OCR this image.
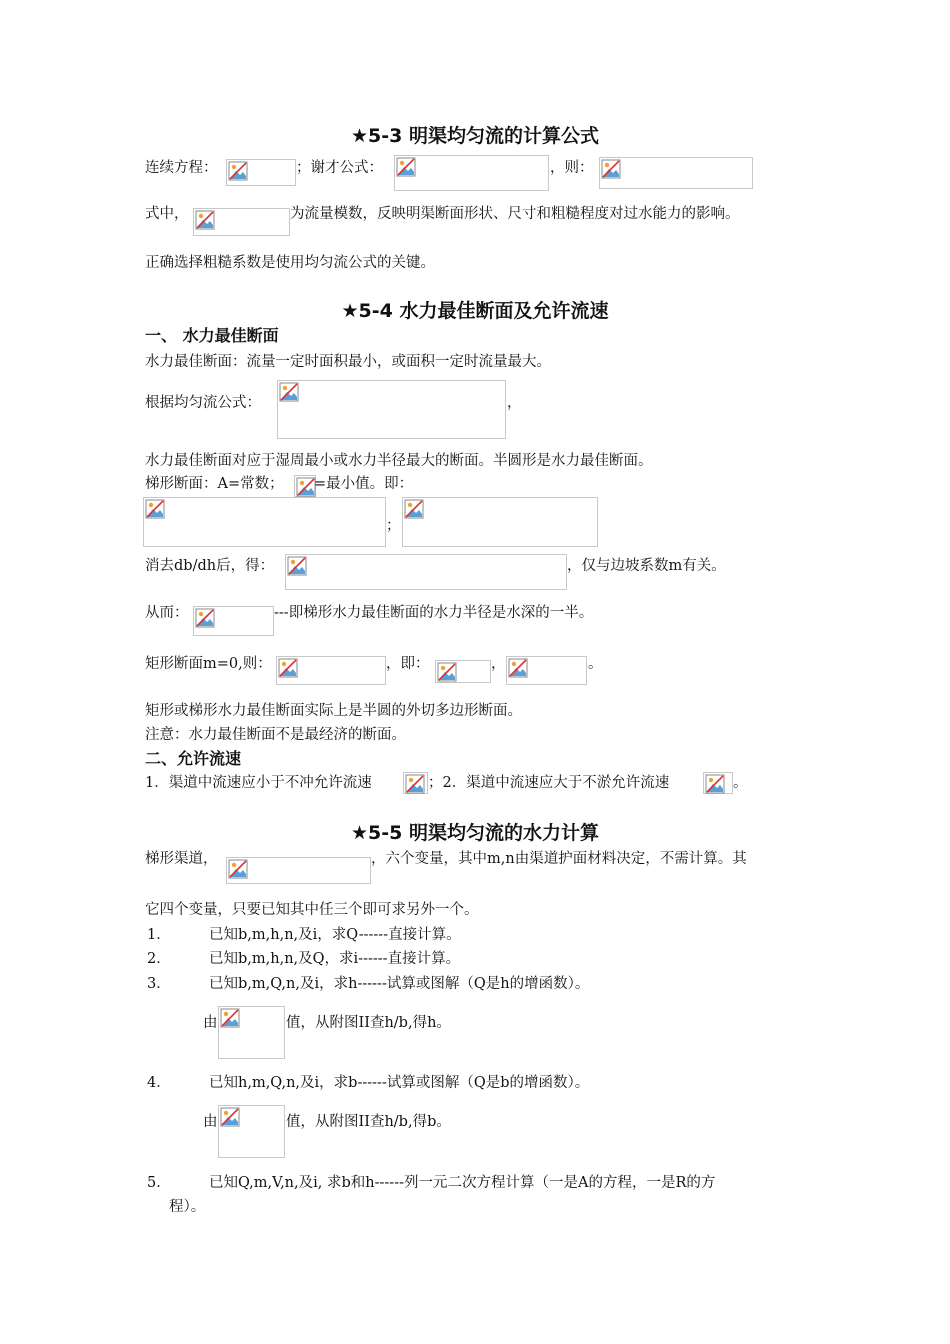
★5-3 明渠均匀流的计算公式
连续方程：	；谢才公式：	，则：
式中，	为流量模数，反映明渠断面形状、尺寸和粗糙程度对过水能力的影响。
正确选择粗糙系数是使用均匀流公式的关键。
★5-4 水力最佳断面及允许流速
一、 水力最佳断面
水力最佳断面：流量一定时面积最小，或面积一定时流量最大。
根据均匀流公式：	，
水力最佳断面对应于湿周最小或水力半径最大的断面。半圆形是水力最佳断面。
梯形断面：A=常数； =最小值。即：
；
消去db/dh后，得：	，仅与边坡系数m有关。
从而：	---即梯形水力最佳断面的水力半径是水深的一半。
矩形断面m=0,则：	，即：	，	。
矩形或梯形水力最佳断面实际上是半圆的外切多边形断面。
注意：水力最佳断面不是最经济的断面。
二、允许流速
1．渠道中流速应小于不冲允许流速	；2．渠道中流速应大于不淤允许流速	。
★5-5 明渠均匀流的水力计算
梯形渠道，	，六个变量，其中m,n由渠道护面材料决定，不需计算。其
它四个变量，只要已知其中任三个即可求另外一个。
1．	已知b,m,h,n,及i，求Q------直接计算。
2．	已知b,m,h,n,及Q，求i------直接计算。
3．	已知b,m,Q,n,及i，求h------试算或图解（Q是h的增函数）。
由	值，从附图II查h/b,得h。
4．	已知h,m,Q,n,及i，求b------试算或图解（Q是b的增函数）。
由	值，从附图II查h/b,得b。
5．	已知Q,m,V,n,及i, 求b和h------列一元二次方程计算（一是A的方程，一是R的方
程）。
